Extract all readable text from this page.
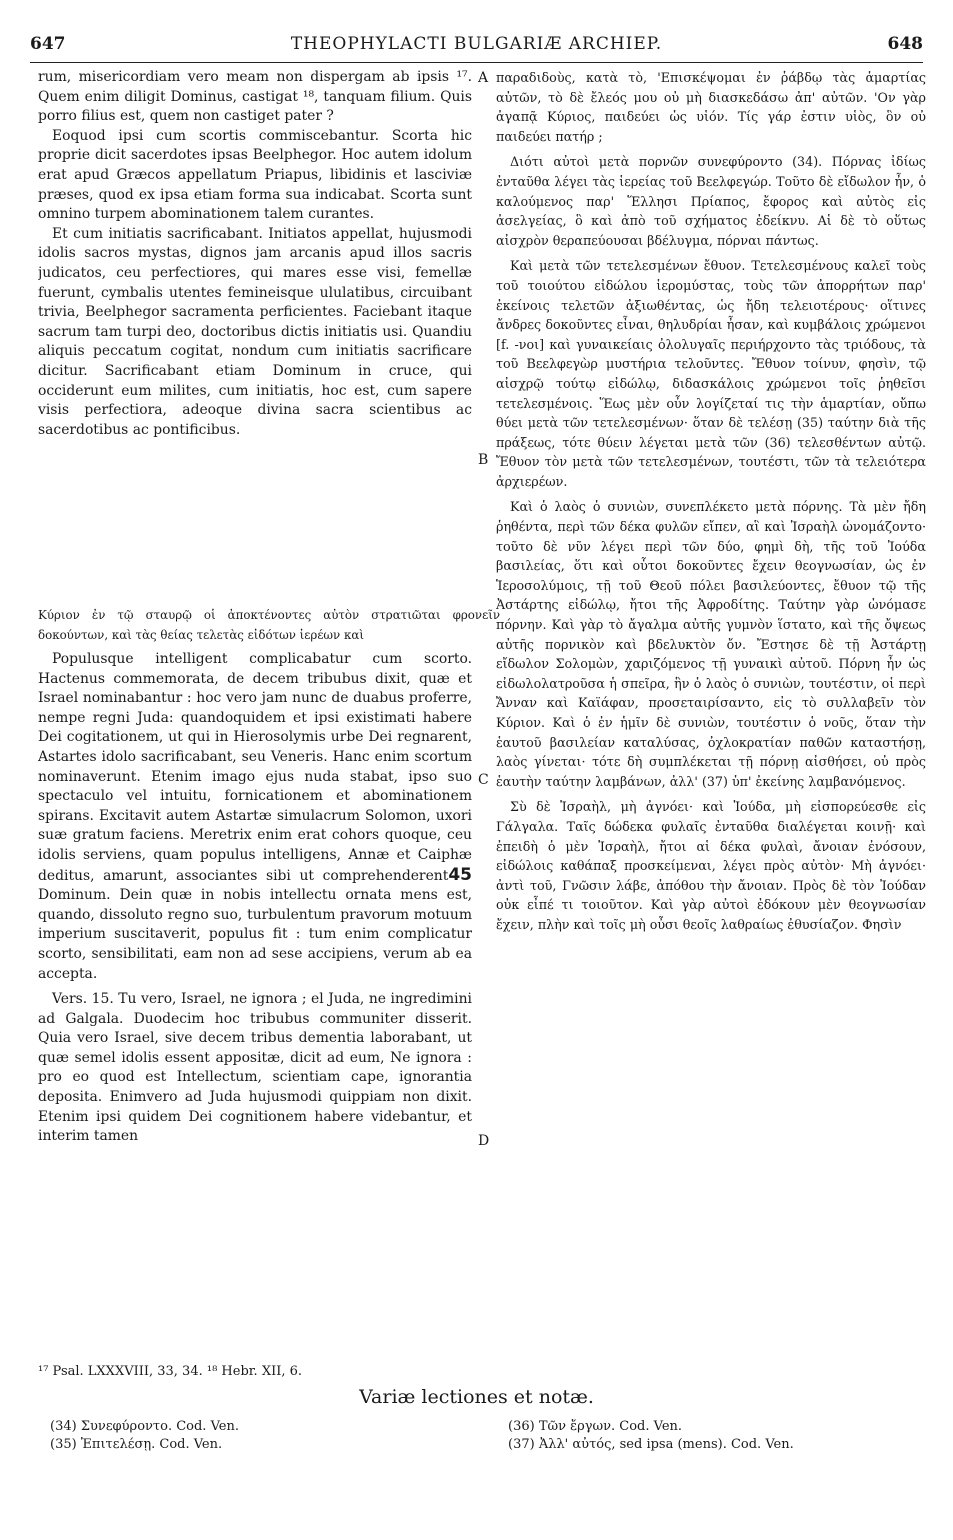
647	THEOPHYLACTI BULGARIÆ ARCHIEP.	648

rum, misericordiam vero meam non dispergam ab ipsis ¹⁷. Quem enim diligit Dominus, castigat ¹⁸, tanquam filium. Quis porro filius est, quem non castiget pater ?

Eoquod ipsi cum scortis commiscebantur. Scorta hic proprie dicit sacerdotes ipsas Beelphegor. Hoc autem idolum erat apud Græcos appellatum Priapus, libidinis et lasciviæ præses, quod ex ipsa etiam forma sua indicabat. Scorta sunt omnino turpem abominationem talem curantes.

Et cum initiatis sacrificabant. Initiatos appellat, hujusmodi idolis sacros mystas, dignos jam arcanis apud illos sacris judicatos, ceu perfectiores, qui mares esse visi, femellæ fuerunt, cymbalis utentes femineisque ululatibus, circuibant trivia, Beelphegor sacramenta perficientes. Faciebant itaque sacrum tam turpi deo, doctoribus dictis initiatis usi. Quandiu aliquis peccatum cogitat, nondum cum initiatis sacrificare dicitur. Sacrificabant etiam Dominum in cruce, qui occiderunt eum milites, cum initiatis, hoc est, cum sapere visis perfectiora, adeoque divina sacra scientibus ac sacerdotibus ac pontificibus.

Κύριον ἐν τῷ σταυρῷ οἱ ἀποκτένοντες αὐτὸν στρατιῶται φρονεῖν δοκούντων, καὶ τὰς θείας τελετὰς εἰδότων ἱερέων καὶ

Populusque intelligent complicabatur cum scorto. Hactenus commemorata, de decem tribubus dixit, quæ et Israel nominabantur : hoc vero jam nunc de duabus proferre, nempe regni Juda: quandoquidem et ipsi existimati habere Dei cogitationem, ut qui in Hierosolymis urbe Dei regnarent, Astartes idolo sacrificabant, seu Veneris. Hanc enim scortum nominaverunt. Etenim imago ejus nuda stabat, ipso suo spectaculo vel intuitu, fornicationem et abominationem spirans. Excitavit autem Astartæ simulacrum Solomon, uxori suæ gratum faciens. Meretrix enim erat cohors quoque, ceu idolis serviens, quam populus intelligens, Annæ et Caiphæ deditus, amarunt, associantes sibi ut comprehenderent45 Dominum. Dein quæ in nobis intellectu ornata mens est, quando, dissoluto regno suo, turbulentum pravorum motuum imperium suscitaverit, populus fit : tum enim complicatur scorto, sensibilitati, eam non ad sese accipiens, verum ab ea accepta.

Vers. 15. Tu vero, Israel, ne ignora ; el Juda, ne ingredimini ad Galgala. Duodecim hoc tribubus communiter disserit. Quia vero Israel, sive decem tribus dementia laborabant, ut quæ semel idolis essent appositæ, dicit ad eum, Ne ignora : pro eo quod est Intellectum, scientiam cape, ignorantia deposita. Enimvero ad Juda hujusmodi quippiam non dixit. Etenim ipsi quidem Dei cognitionem habere videbantur, et interim tamen

παραδιδοὺς, κατὰ τὸ, 'Επισκέψομαι ἐν ῥάβδῳ τὰς ἁμαρτίας αὐτῶν, τὸ δὲ ἔλεός μου οὐ μὴ διασκεδάσω ἀπ' αὐτῶν. 'Ον γὰρ ἀγαπᾷ Κύριος, παιδεύει ὡς υἱόν. Τίς γάρ ἐστιν υἱὸς, ὃν οὐ παιδεύει πατήρ ;

Διότι αὐτοὶ μετὰ πορνῶν συνεφύροντο (34). Πόρνας ἰδίως ἐνταῦθα λέγει τὰς ἱερείας τοῦ Βεελφεγώρ. Τοῦτο δὲ εἴδωλον ἦν, ὁ καλούμενος παρ' Ἕλλησι Πρίαπος, ἔφορος καὶ αὐτὸς εἰς ἀσελγείας, ὃ καὶ ἀπὸ τοῦ σχήματος ἐδείκνυ. Αἱ δὲ τὸ οὕτως αἰσχρὸν θεραπεύουσαι βδέλυγμα, πόρναι πάντως.

Καὶ μετὰ τῶν τετελεσμένων ἔθυον. Τετελεσμένους καλεῖ τοὺς τοῦ τοιούτου εἰδώλου ἱερομύστας, τοὺς τῶν ἀπορρήτων παρ' ἐκείνοις τελετῶν ἀξιωθέντας, ὡς ἤδη τελειοτέρους· οἵτινες ἄνδρες δοκοῦντες εἶναι, θηλυδρίαι ἦσαν, καὶ κυμβάλοις χρώμενοι [f. -νοι] καὶ γυναικείαις ὀλολυγαῖς περιήρχοντο τὰς τριόδους, τὰ τοῦ Βεελφεγὼρ μυστήρια τελοῦντες. Ἔθυον τοίνυν, φησὶν, τῷ αἰσχρῷ τούτῳ εἰδώλῳ, διδασκάλοις χρώμενοι τοῖς ῥηθεῖσι τετελεσμένοις. Ἕως μὲν οὖν λογίζεταί τις τὴν ἁμαρτίαν, οὔπω θύει μετὰ τῶν τετελεσμένων· ὅταν δὲ τελέσῃ (35) ταύτην διὰ τῆς πράξεως, τότε θύειν λέγεται μετὰ τῶν (36) τελεσθέντων αὐτῷ. Ἔθυον τὸν μετὰ τῶν τετελεσμένων, τουτέστι, τῶν τὰ τελειότερα ἀρχιερέων.

Καὶ ὁ λαὸς ὁ συνιὼν, συνεπλέκετο μετὰ πόρνης. Τὰ μὲν ἤδη ῥηθέντα, περὶ τῶν δέκα φυλῶν εἴπεν, αἳ καὶ Ἰσραὴλ ὠνομάζοντο· τοῦτο δὲ νῦν λέγει περὶ τῶν δύο, φημὶ δὴ, τῆς τοῦ Ἰούδα βασιλείας, ὅτι καὶ οὗτοι δοκοῦντες ἔχειν θεογνωσίαν, ὡς ἐν Ἱεροσολύμοις, τῇ τοῦ Θεοῦ πόλει βασιλεύοντες, ἔθυον τῷ τῆς Ἀστάρτης εἰδώλῳ, ἤτοι τῆς Ἀφροδίτης. Ταύτην γὰρ ὠνόμασε πόρνην. Καὶ γὰρ τὸ ἄγαλμα αὐτῆς γυμνὸν ἵστατο, καὶ τῆς ὄψεως αὐτῆς πορνικὸν καὶ βδελυκτὸν ὄν. Ἔστησε δὲ τῇ Ἀστάρτῃ εἴδωλον Σολομὼν, χαριζόμενος τῇ γυναικὶ αὐτοῦ. Πόρνη ἦν ὡς εἰδωλολατροῦσα ἡ σπεῖρα, ἣν ὁ λαὸς ὁ συνιὼν, τουτέστιν, οἱ περὶ Ἄνναν καὶ Καϊάφαν, προσεταιρίσαντο, εἰς τὸ συλλαβεῖν τὸν Κύριον. Καὶ ὁ ἐν ἡμῖν δὲ συνιὼν, τουτέστιν ὁ νοῦς, ὅταν τὴν ἑαυτοῦ βασιλείαν καταλύσας, ὀχλοκρατίαν παθῶν καταστήσῃ, λαὸς γίνεται· τότε δὴ συμπλέκεται τῇ πόρνῃ αἰσθήσει, οὐ πρὸς ἑαυτὴν ταύτην λαμβάνων, ἀλλ' (37) ὑπ' ἐκείνης λαμβανόμενος.

Σὺ δὲ Ἰσραὴλ, μὴ ἀγνόει· καὶ Ἰούδα, μὴ εἰσπορεύεσθε εἰς Γάλγαλα. Ταῖς δώδεκα φυλαῖς ἐνταῦθα διαλέγεται κοινῇ· καὶ ἐπειδὴ ὁ μὲν Ἰσραὴλ, ἤτοι αἱ δέκα φυλαὶ, ἄνοιαν ἐνόσουν, εἰδώλοις καθάπαξ προσκείμεναι, λέγει πρὸς αὐτὸν· Μὴ ἀγνόει· ἀντὶ τοῦ, Γνῶσιν λάβε, ἀπόθου τὴν ἄνοιαν. Πρὸς δὲ τὸν Ἰούδαν οὐκ εἶπέ τι τοιοῦτον. Καὶ γὰρ αὐτοὶ ἐδόκουν μὲν θεογνωσίαν ἔχειν, πλὴν καὶ τοῖς μὴ οὖσι θεοῖς λαθραίως ἐθυσίαζον. Φησὶν

A
B
C
D
¹⁷ Psal. LXXXVIII, 33, 34. ¹⁸ Hebr. XII, 6.
Variæ lectiones et notæ.
(34) Συνεφύροντο. Cod. Ven.
(35) Ἐπιτελέσῃ. Cod. Ven.
(36) Τῶν ἔργων. Cod. Ven.
(37) Ἀλλ' αὐτός, sed ipsa (mens). Cod. Ven.
